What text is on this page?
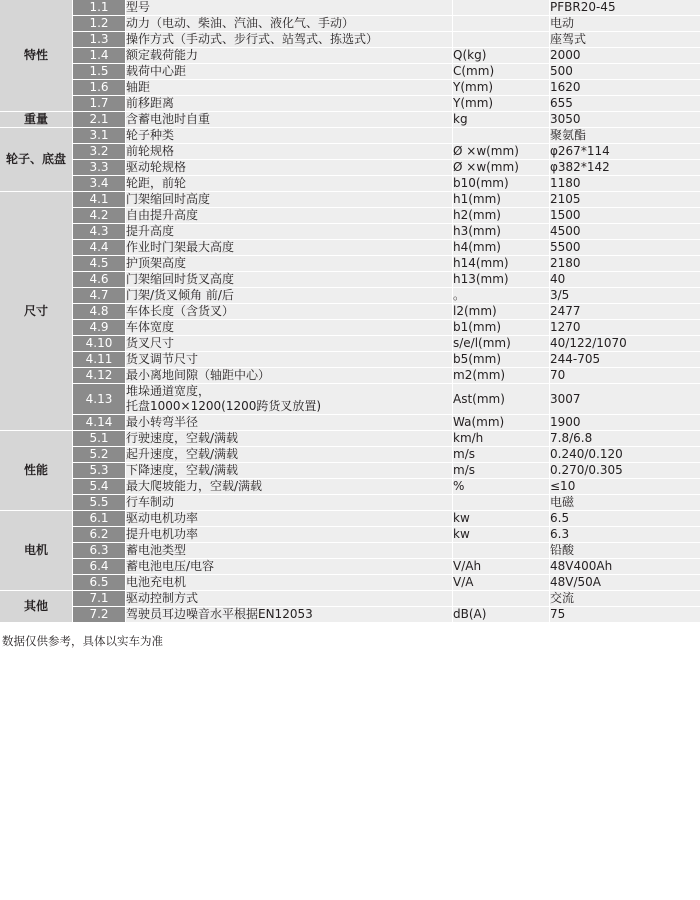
特性	1.1	型号		PFBR20-45
	1.2	动力（电动、柴油、汽油、液化气、手动）		电动
	1.3	操作方式（手动式、步行式、站驾式、拣选式）		座驾式
	1.4	额定载荷能力	Q(kg)	2000
	1.5	载荷中心距	C(mm)	500
	1.6	轴距	Y(mm)	1620
	1.7	前移距离	Y(mm)	655
重量	2.1	含蓄电池时自重	kg	3050
轮子、底盘	3.1	轮子种类		聚氨酯
	3.2	前轮规格	Ø ×w(mm)	φ267*114
	3.3	驱动轮规格	Ø ×w(mm)	φ382*142
	3.4	轮距，前轮	b10(mm)	1180
尺寸	4.1	门架缩回时高度	h1(mm)	2105
	4.2	自由提升高度	h2(mm)	1500
	4.3	提升高度	h3(mm)	4500
	4.4	作业时门架最大高度	h4(mm)	5500
	4.5	护顶架高度	h14(mm)	2180
	4.6	门架缩回时货叉高度	h13(mm)	40
	4.7	门架/货叉倾角 前/后	。	3/5
	4.8	车体长度（含货叉）	l2(mm)	2477
	4.9	车体宽度	b1(mm)	1270
	4.10	货叉尺寸	s/e/l(mm)	40/122/1070
	4.11	货叉调节尺寸	b5(mm)	244-705
	4.12	最小离地间隙（轴距中心）	m2(mm)	70
	4.13	堆垛通道宽度，
托盘1000×1200(1200跨货叉放置)	Ast(mm)	3007
	4.14	最小转弯半径	Wa(mm)	1900
性能	5.1	行驶速度，空载/满载	km/h	7.8/6.8
	5.2	起升速度，空载/满载	m/s	0.240/0.120
	5.3	下降速度，空载/满载	m/s	0.270/0.305
	5.4	最大爬坡能力，空载/满载	%	≤10
	5.5	行车制动		电磁
电机	6.1	驱动电机功率	kw	6.5
	6.2	提升电机功率	kw	6.3
	6.3	蓄电池类型		铅酸
	6.4	蓄电池电压/电容	V/Ah	48V400Ah
	6.5	电池充电机	V/A	48V/50A
其他	7.1	驱动控制方式		交流
	7.2	驾驶员耳边噪音水平根据EN12053	dB(A)	75
数据仅供参考，具体以实车为准
